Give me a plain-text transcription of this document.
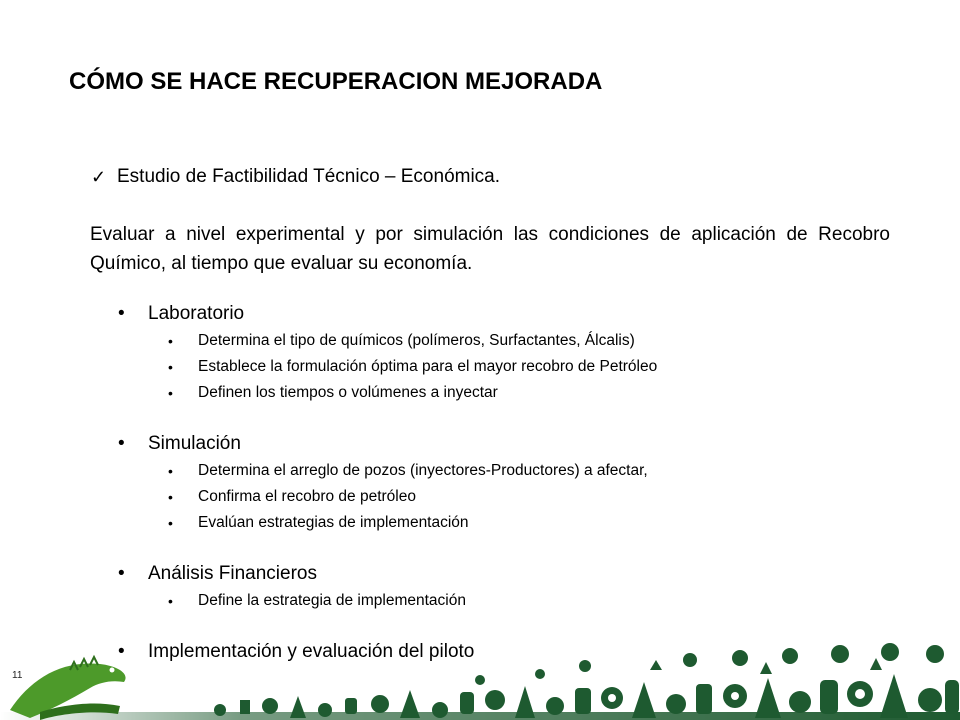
CÓMO SE HACE RECUPERACION MEJORADA
✓ Estudio de Factibilidad Técnico – Económica.
Evaluar a nivel experimental y por simulación las condiciones de aplicación de Recobro Químico, al tiempo que evaluar su economía.
•	Laboratorio
•	Determina el tipo de químicos (polímeros, Surfactantes, Álcalis)
•	Establece la formulación óptima para el mayor recobro de Petróleo
•	Definen los tiempos o volúmenes a inyectar
•	Simulación
•	Determina el arreglo de pozos (inyectores-Productores) a afectar,
•	Confirma el recobro de petróleo
•	Evalúan estrategias de implementación
•	Análisis Financieros
•	Define la estrategia de implementación
•	Implementación y evaluación del piloto
11
